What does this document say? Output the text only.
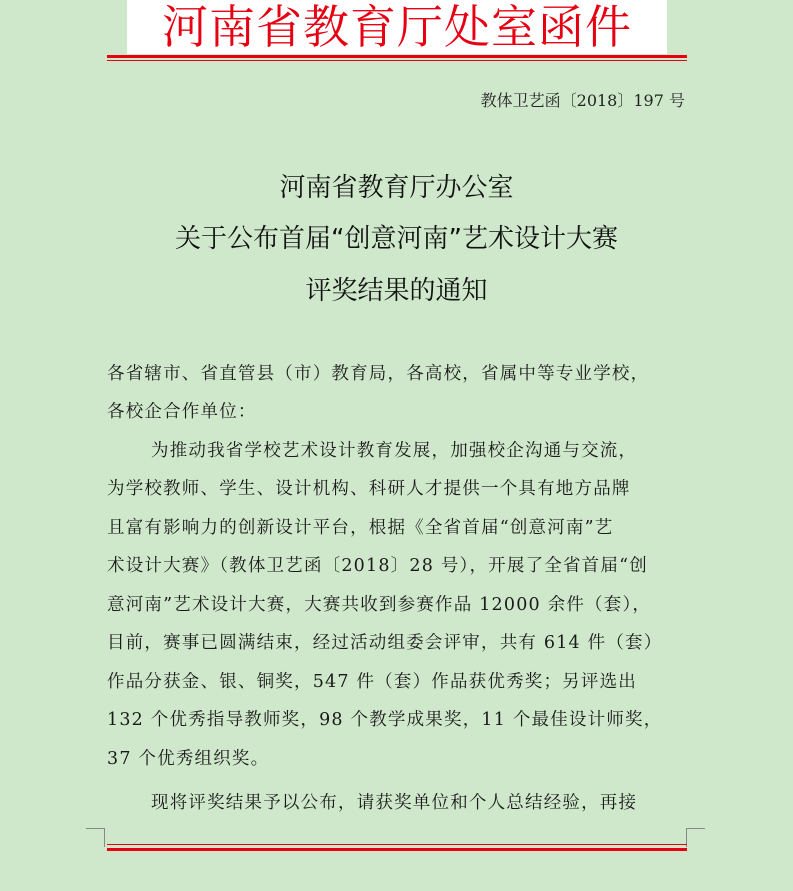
河南省教育厅处室函件
教体卫艺函〔2018〕197 号
河南省教育厅办公室
关于公布首届“创意河南”艺术设计大赛
评奖结果的通知
各省辖市、省直管县（市）教育局，各高校，省属中等专业学校，
各校企合作单位：
为推动我省学校艺术设计教育发展，加强校企沟通与交流，
为学校教师、学生、设计机构、科研人才提供一个具有地方品牌
且富有影响力的创新设计平台，根据《全省首届“创意河南”艺
术设计大赛》（教体卫艺函〔2018〕28 号），开展了全省首届“创
意河南”艺术设计大赛，大赛共收到参赛作品 12000 余件（套），
目前，赛事已圆满结束，经过活动组委会评审，共有 614 件（套）
作品分获金、银、铜奖，547 件（套）作品获优秀奖；另评选出
132 个优秀指导教师奖，98 个教学成果奖，11 个最佳设计师奖，
37 个优秀组织奖。
现将评奖结果予以公布，请获奖单位和个人总结经验，再接
